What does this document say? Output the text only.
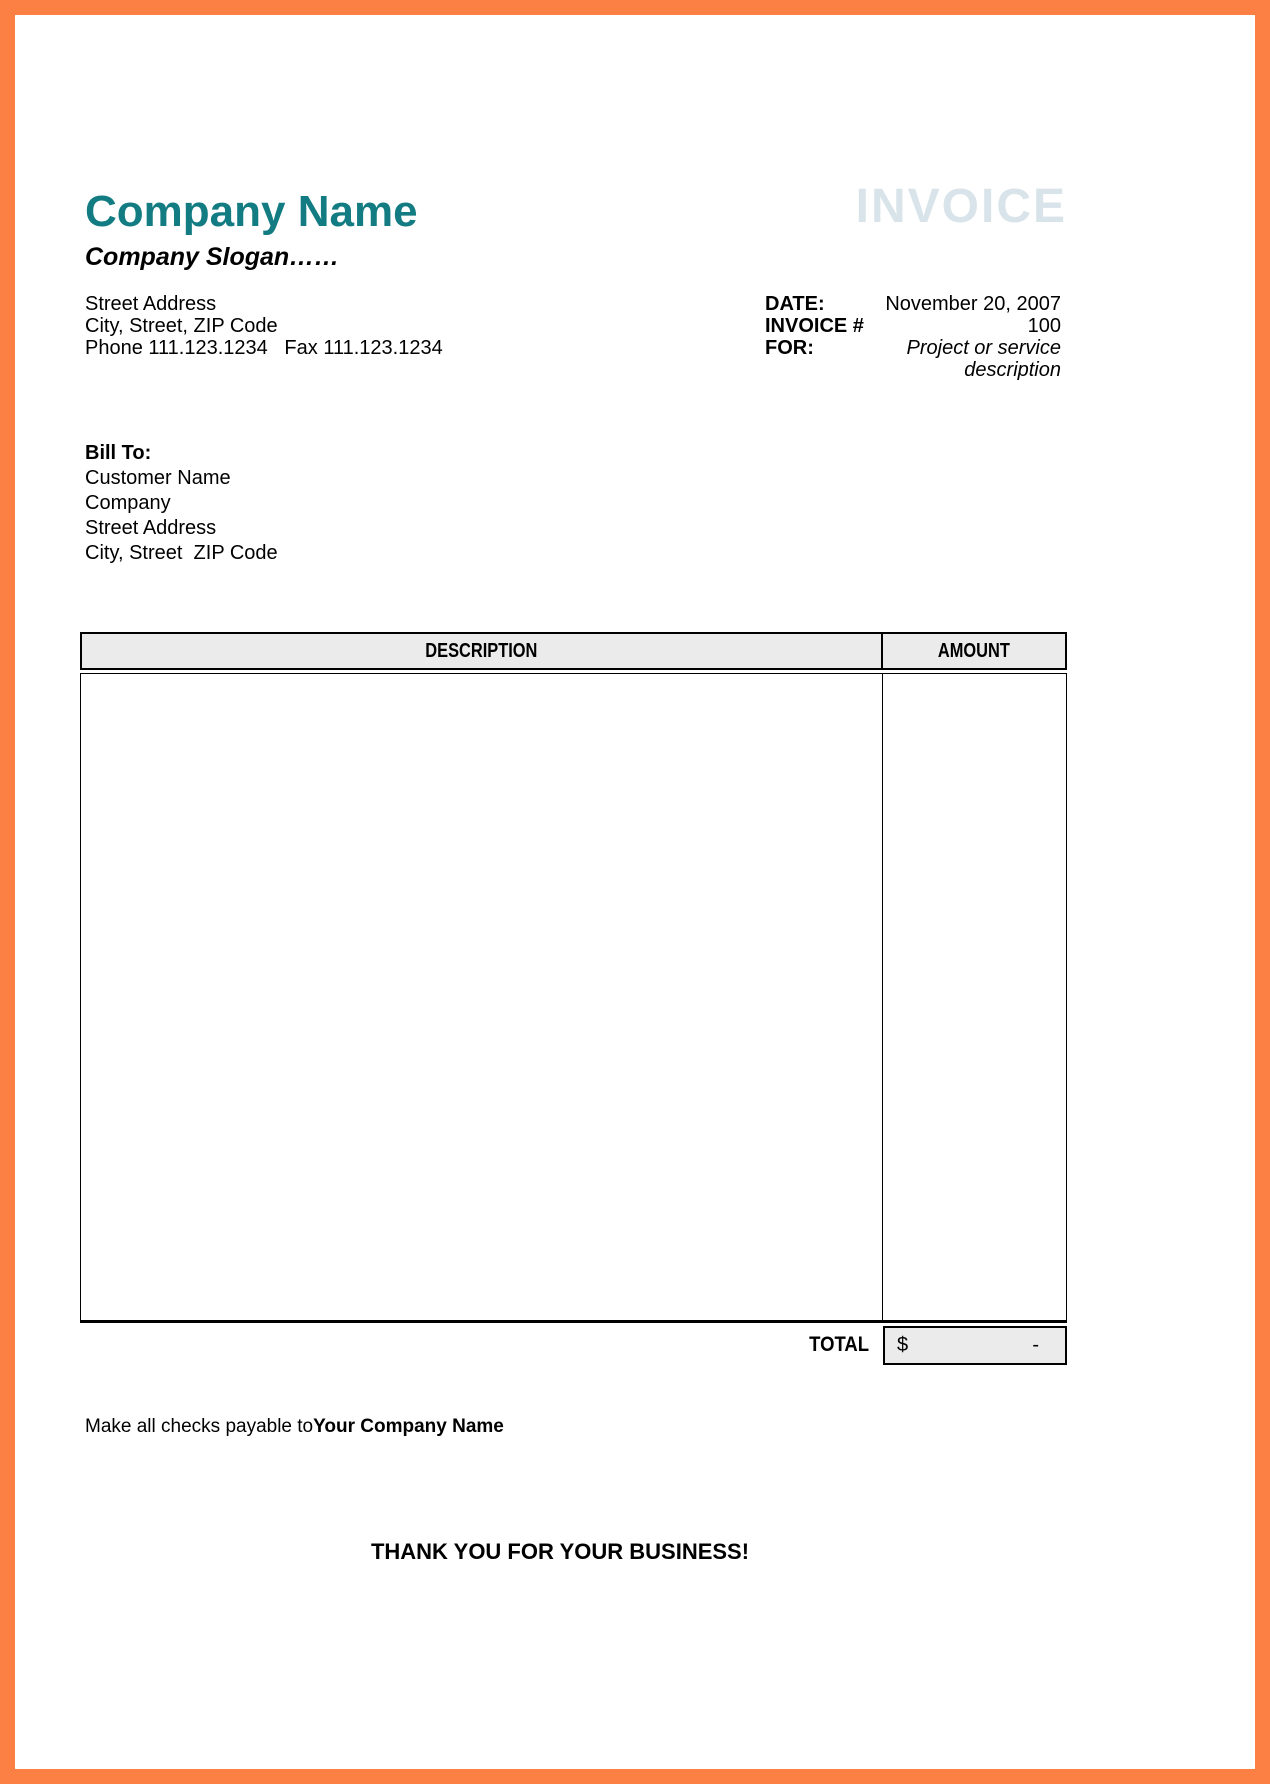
Company Name
Company Slogan……
Street Address
City, Street, ZIP Code
Phone 111.123.1234   Fax 111.123.1234
INVOICE
DATE:	November 20, 2007
INVOICE #	100
FOR:	Project or service description
Bill To:
Customer Name
Company
Street Address
City, Street  ZIP Code
DESCRIPTION	AMOUNT
TOTAL $	-
Make all checks payable toYour Company Name
THANK YOU FOR YOUR BUSINESS!
